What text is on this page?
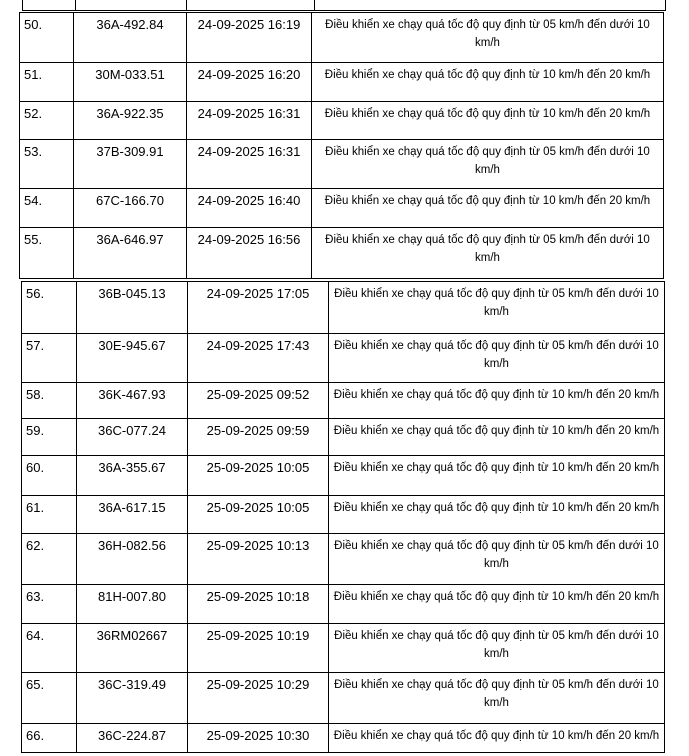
50.	36A-492.84	24-09-2025 16:19	Điều khiển xe chạy quá tốc độ quy định từ 05 km/h đến dưới 10 km/h
51.	30M-033.51	24-09-2025 16:20	Điều khiển xe chạy quá tốc độ quy định từ 10 km/h đến 20 km/h
52.	36A-922.35	24-09-2025 16:31	Điều khiển xe chạy quá tốc độ quy định từ 10 km/h đến 20 km/h
53.	37B-309.91	24-09-2025 16:31	Điều khiển xe chạy quá tốc độ quy định từ 05 km/h đến dưới 10 km/h
54.	67C-166.70	24-09-2025 16:40	Điều khiển xe chạy quá tốc độ quy định từ 10 km/h đến 20 km/h
55.	36A-646.97	24-09-2025 16:56	Điều khiển xe chạy quá tốc độ quy định từ 05 km/h đến dưới 10 km/h
56.	36B-045.13	24-09-2025 17:05	Điều khiển xe chạy quá tốc độ quy định từ 05 km/h đến dưới 10 km/h
57.	30E-945.67	24-09-2025 17:43	Điều khiển xe chạy quá tốc độ quy định từ 05 km/h đến dưới 10 km/h
58.	36K-467.93	25-09-2025 09:52	Điều khiển xe chạy quá tốc độ quy định từ 10 km/h đến 20 km/h
59.	36C-077.24	25-09-2025 09:59	Điều khiển xe chạy quá tốc độ quy định từ 10 km/h đến 20 km/h
60.	36A-355.67	25-09-2025 10:05	Điều khiển xe chạy quá tốc độ quy định từ 10 km/h đến 20 km/h
61.	36A-617.15	25-09-2025 10:05	Điều khiển xe chạy quá tốc độ quy định từ 10 km/h đến 20 km/h
62.	36H-082.56	25-09-2025 10:13	Điều khiển xe chạy quá tốc độ quy định từ 05 km/h đến dưới 10 km/h
63.	81H-007.80	25-09-2025 10:18	Điều khiển xe chạy quá tốc độ quy định từ 10 km/h đến 20 km/h
64.	36RM02667	25-09-2025 10:19	Điều khiển xe chạy quá tốc độ quy định từ 05 km/h đến dưới 10 km/h
65.	36C-319.49	25-09-2025 10:29	Điều khiển xe chạy quá tốc độ quy định từ 05 km/h đến dưới 10 km/h
66.	36C-224.87	25-09-2025 10:30	Điều khiển xe chạy quá tốc độ quy định từ 10 km/h đến 20 km/h
